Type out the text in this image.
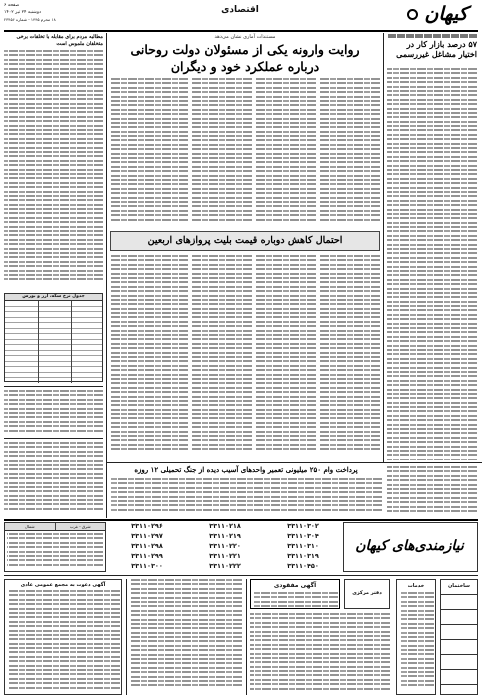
کیهان
اقتصادی
صفحه ۶
دوشنبه ۲۴ تیر ۱۴۰۲
۱۸ محرم ۱۴۴۵ - شماره ۲۳۴۵۶
۵۷ درصد بازار کار در اختیار مشاغل غیررسمی
مستندات آماری نشان می‌دهد
روایت وارونه یکی از مسئولان دولت روحانی
درباره عملکرد خود و دیگران
احتمال کاهش دوباره قیمت بلیت پروازهای اربعین
پرداخت وام ۲۵۰ میلیونی تعمیر واحدهای آسیب دیده از جنگ تحمیلی ۱۲ روزه
مطالبه مردم برای مقابله با تخلفات برخی متخلفان ملموس است
جدول نرخ سکه، ارز و بورس
نیازمندی‌های کیهان
۳۳۱۱۰۳۰۲
۳۳۱۱۰۲۱۸
۳۳۱۱۰۲۹۶
۳۳۱۱۰۳۰۴
۳۳۱۱۰۲۱۹
۳۳۱۱۰۲۹۷
۳۳۱۱۰۳۱۰
۳۳۱۱۰۲۲۰
۳۳۱۱۰۲۹۸
۳۳۱۱۰۳۱۹
۳۳۱۱۰۲۲۱
۳۳۱۱۰۲۹۹
۳۳۱۱۰۴۵۰
۳۳۱۱۰۲۲۲
۳۳۱۱۰۳۰۰
شرق - غرب
شمال
ساختمان
خدمات
آگهی مفقودی
دفتر مرکزی
آگهی دعوت به مجمع عمومی عادی
